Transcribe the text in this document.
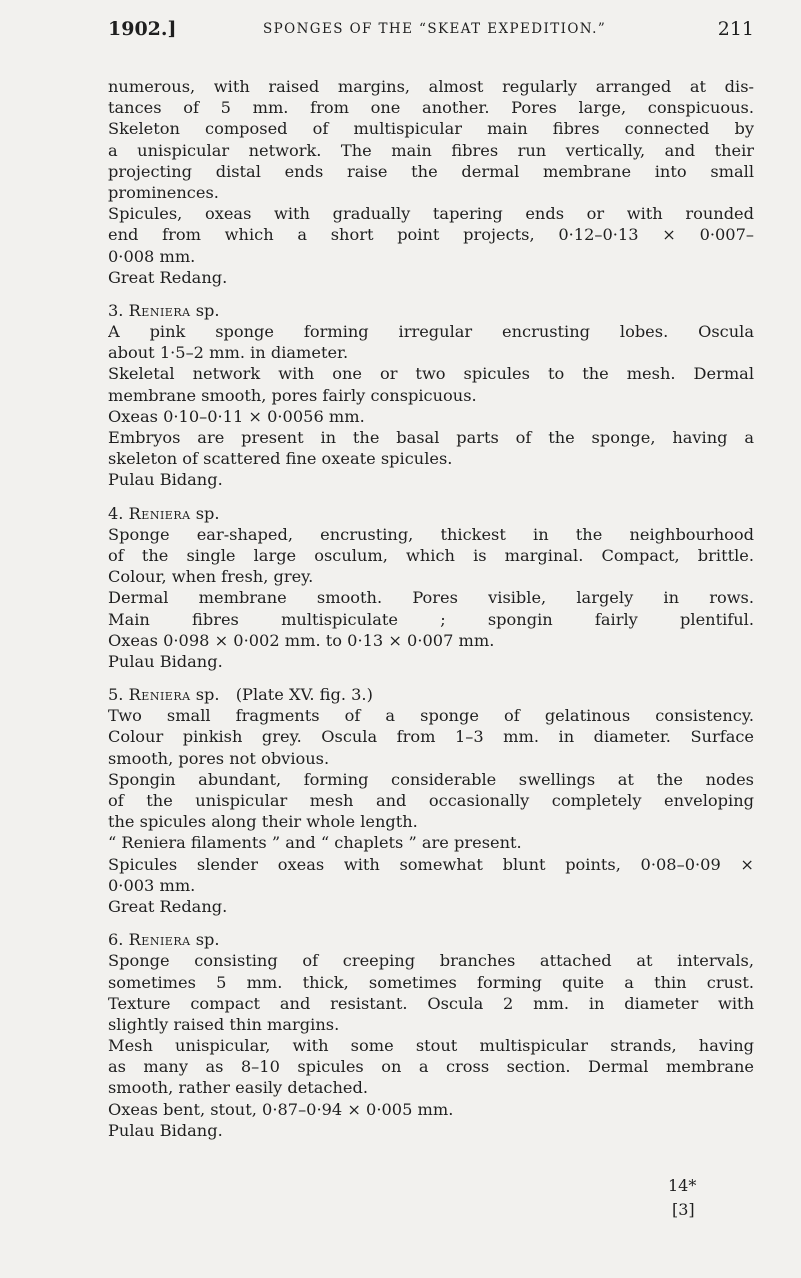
1902.]	SPONGES OF THE “SKEAT EXPEDITION.”	211
numerous, with raised margins, almost regularly arranged at dis-
tances of 5 mm. from one another. Pores large, conspicuous.
Skeleton composed of multispicular main fibres connected by
a unispicular network. The main fibres run vertically, and their
projecting distal ends raise the dermal membrane into small
prominences.
Spicules, oxeas with gradually tapering ends or with rounded
end from which a short point projects, 0·12–0·13 × 0·007–
0·008 mm.
Great Redang.
3. Reniera sp.
A pink sponge forming irregular encrusting lobes. Oscula
about 1·5–2 mm. in diameter.
Skeletal network with one or two spicules to the mesh. Dermal
membrane smooth, pores fairly conspicuous.
Oxeas 0·10–0·11 × 0·0056 mm.
Embryos are present in the basal parts of the sponge, having a
skeleton of scattered fine oxeate spicules.
Pulau Bidang.
4. Reniera sp.
Sponge ear-shaped, encrusting, thickest in the neighbourhood
of the single large osculum, which is marginal. Compact, brittle.
Colour, when fresh, grey.
Dermal membrane smooth. Pores visible, largely in rows.
Main fibres multispiculate ; spongin fairly plentiful.
Oxeas 0·098 × 0·002 mm. to 0·13 × 0·007 mm.
Pulau Bidang.
5. Reniera sp.  (Plate XV. fig. 3.)
Two small fragments of a sponge of gelatinous consistency.
Colour pinkish grey. Oscula from 1–3 mm. in diameter. Surface
smooth, pores not obvious.
Spongin abundant, forming considerable swellings at the nodes
of the unispicular mesh and occasionally completely enveloping
the spicules along their whole length.
“ Reniera filaments ” and “ chaplets ” are present.
Spicules slender oxeas with somewhat blunt points, 0·08–0·09 ×
0·003 mm.
Great Redang.
6. Reniera sp.
Sponge consisting of creeping branches attached at intervals,
sometimes 5 mm. thick, sometimes forming quite a thin crust.
Texture compact and resistant. Oscula 2 mm. in diameter with
slightly raised thin margins.
Mesh unispicular, with some stout multispicular strands, having
as many as 8–10 spicules on a cross section. Dermal membrane
smooth, rather easily detached.
Oxeas bent, stout, 0·87–0·94 × 0·005 mm.
Pulau Bidang.
14*
[3]
